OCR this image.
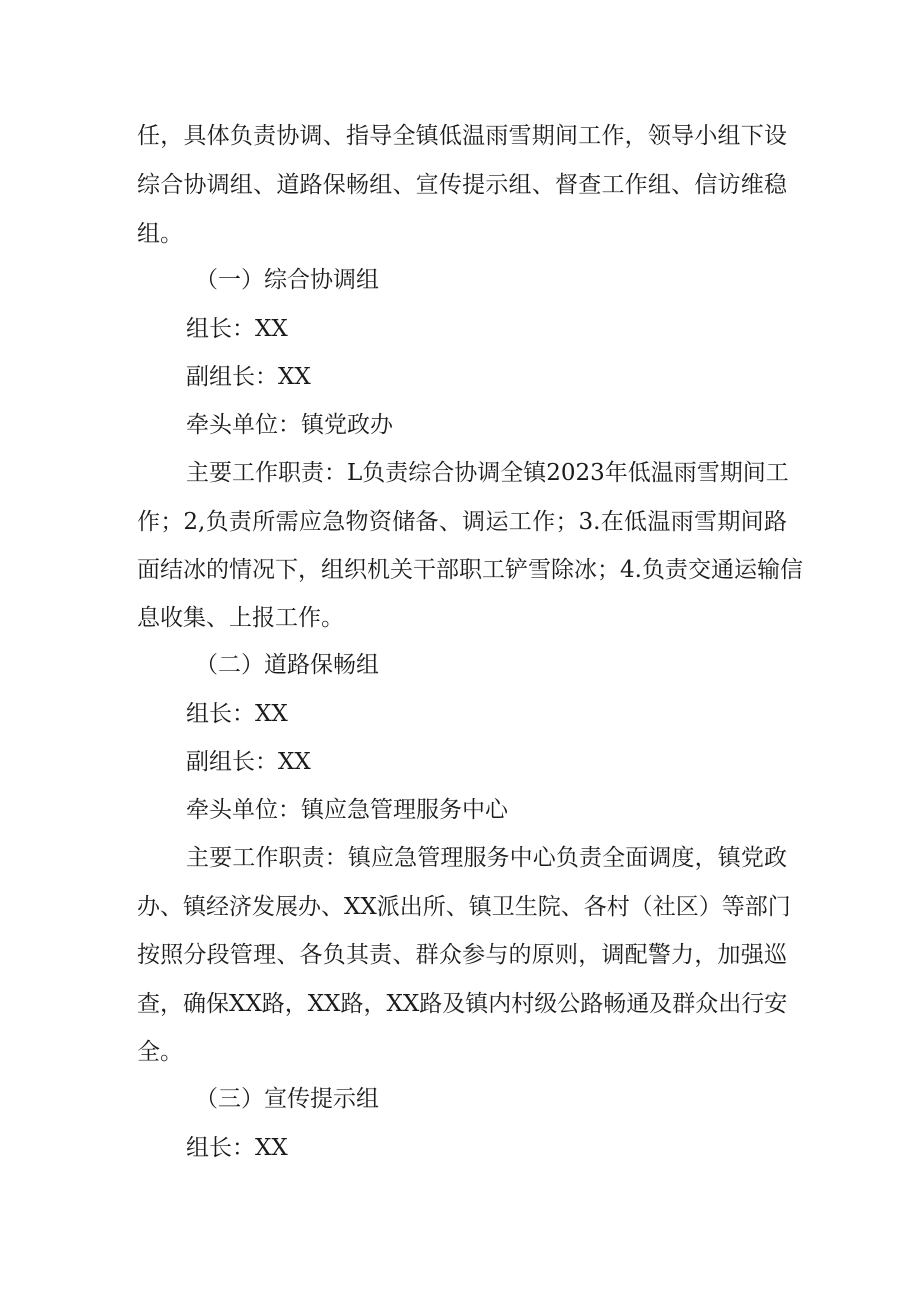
任，具体负责协调、指导全镇低温雨雪期间工作，领导小组下设
综合协调组、道路保畅组、宣传提示组、督查工作组、信访维稳
组。
（一）综合协调组
组长：XX
副组长：XX
牵头单位：镇党政办
主要工作职责：L负责综合协调全镇2023年低温雨雪期间工
作；2,负责所需应急物资储备、调运工作；3.在低温雨雪期间路
面结冰的情况下，组织机关干部职工铲雪除冰；4.负责交通运输信
息收集、上报工作。
（二）道路保畅组
组长：XX
副组长：XX
牵头单位：镇应急管理服务中心
主要工作职责：镇应急管理服务中心负责全面调度，镇党政
办、镇经济发展办、XX派出所、镇卫生院、各村（社区）等部门
按照分段管理、各负其责、群众参与的原则，调配警力，加强巡
查，确保XX路，XX路，XX路及镇内村级公路畅通及群众出行安
全。
（三）宣传提示组
组长：XX
